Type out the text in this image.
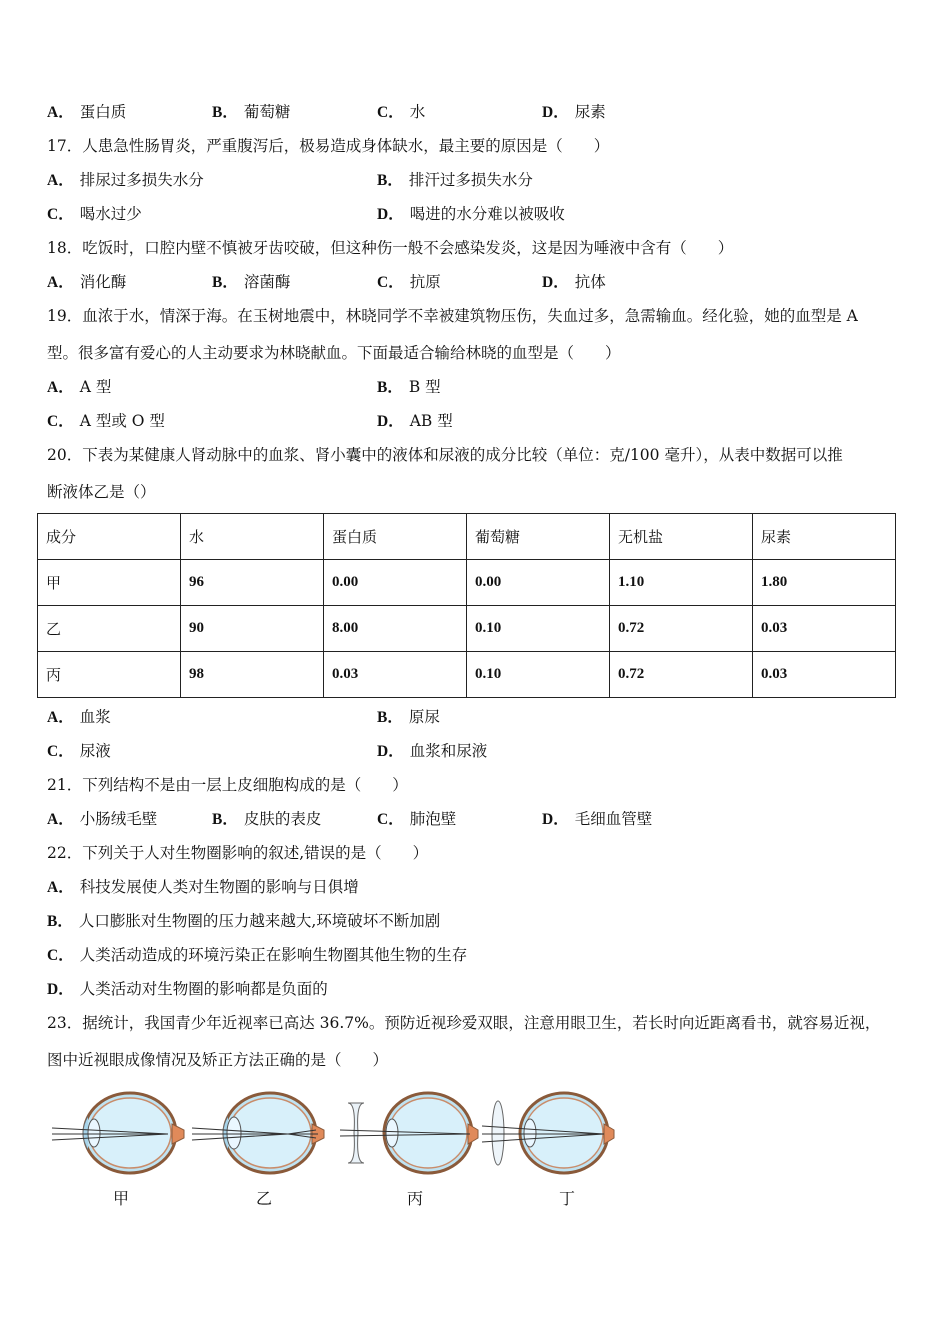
A． 蛋白质	B． 葡萄糖	C． 水	D． 尿素
17．人患急性肠胃炎，严重腹泻后，极易造成身体缺水，最主要的原因是（　　）
A． 排尿过多损失水分	B． 排汗过多损失水分
C． 喝水过少	D． 喝进的水分难以被吸收
18．吃饭时，口腔内壁不慎被牙齿咬破，但这种伤一般不会感染发炎，这是因为唾液中含有（　　）
A． 消化酶	B． 溶菌酶	C． 抗原	D． 抗体
19．血浓于水，情深于海。在玉树地震中，林晓同学不幸被建筑物压伤，失血过多，急需输血。经化验，她的血型是 A
型。很多富有爱心的人主动要求为林晓献血。下面最适合输给林晓的血型是（　　）
A． A 型	B． B 型
C． A 型或 O 型	D． AB 型
20．下表为某健康人肾动脉中的血浆、肾小囊中的液体和尿液的成分比较（单位：克/100 毫升），从表中数据可以推
断液体乙是（）
成分	水	蛋白质	葡萄糖	无机盐	尿素
甲	96	0.00	0.00	1.10	1.80
乙	90	8.00	0.10	0.72	0.03
丙	98	0.03	0.10	0.72	0.03
A． 血浆	B． 原尿
C． 尿液	D． 血浆和尿液
21．下列结构不是由一层上皮细胞构成的是（　　）
A． 小肠绒毛壁	B． 皮肤的表皮	C． 肺泡壁	D． 毛细血管壁
22．下列关于人对生物圈影响的叙述,错误的是（　　）
A． 科技发展使人类对生物圈的影响与日俱增
B． 人口膨胀对生物圈的压力越来越大,环境破坏不断加剧
C． 人类活动造成的环境污染正在影响生物圈其他生物的生存
D． 人类活动对生物圈的影响都是负面的
23．据统计，我国青少年近视率已高达 36.7%。预防近视珍爱双眼，注意用眼卫生，若长时向近距离看书，就容易近视，
图中近视眼成像情况及矫正方法正确的是（　　）
甲	乙	丙	丁
